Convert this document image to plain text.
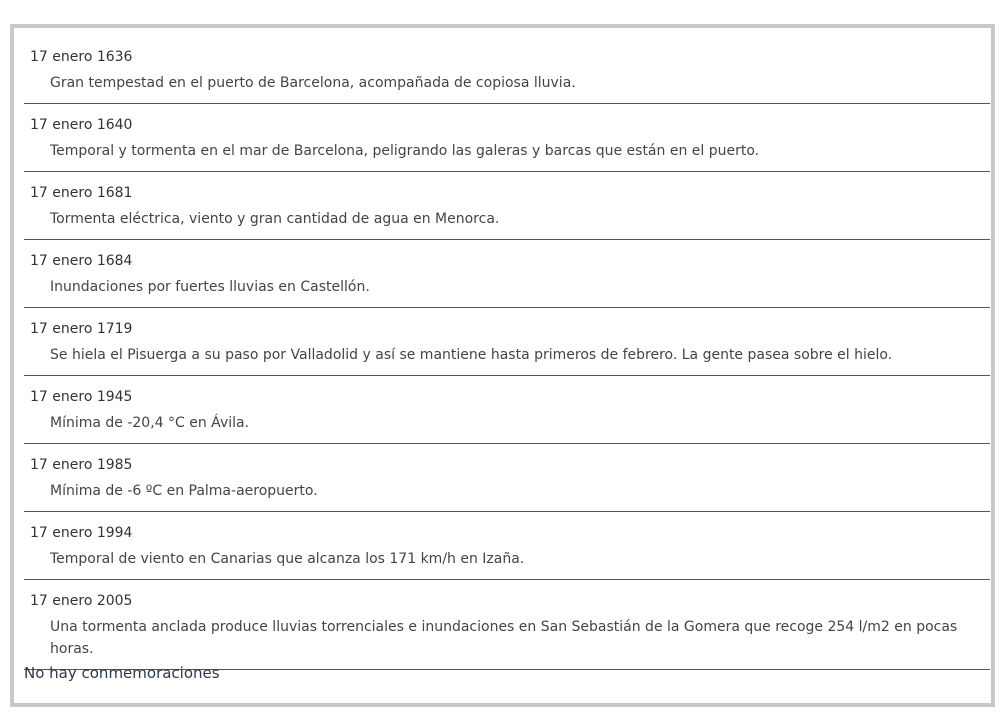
17 enero 1636

Gran tempestad en el puerto de Barcelona, acompañada de copiosa lluvia.

17 enero 1640

Temporal y tormenta en el mar de Barcelona, peligrando las galeras y barcas que están en el puerto.

17 enero 1681

Tormenta eléctrica, viento y gran cantidad de agua en Menorca.

17 enero 1684

Inundaciones por fuertes lluvias en Castellón.

17 enero 1719

Se hiela el Pisuerga a su paso por Valladolid y así se mantiene hasta primeros de febrero. La gente pasea sobre el hielo.

17 enero 1945

Mínima de -20,4 °C en Ávila.

17 enero 1985

Mínima de -6 ºC en Palma-aeropuerto.

17 enero 1994

Temporal de viento en Canarias que alcanza los 171 km/h en Izaña.

17 enero 2005

Una tormenta anclada produce lluvias torrenciales e inundaciones en San Sebastián de la Gomera que recoge 254 l/m2 en pocas horas.

No hay conmemoraciones
